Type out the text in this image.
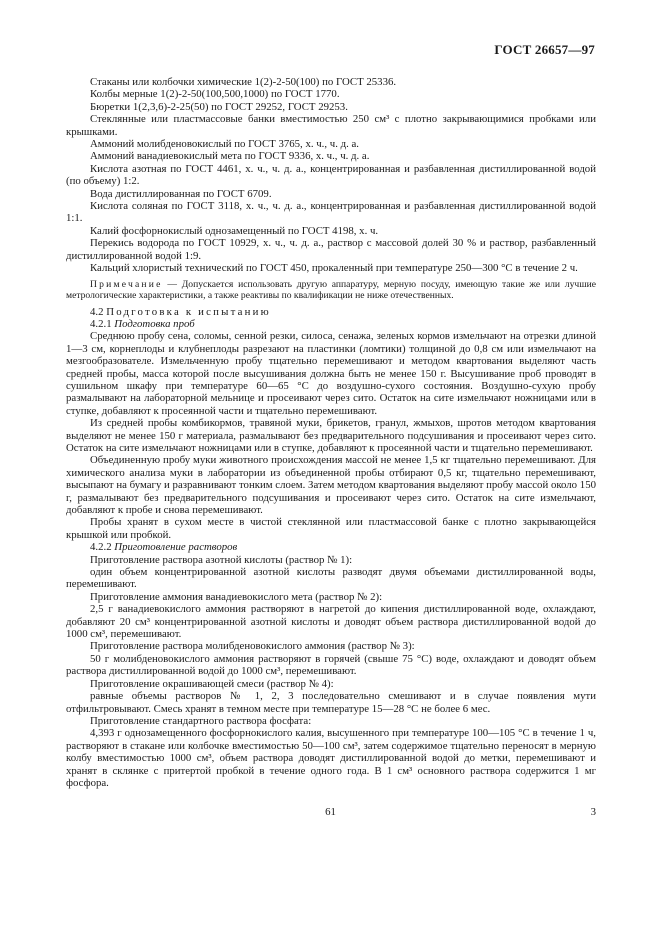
ГОСТ 26657—97

Стаканы или колбочки химические 1(2)-2-50(100) по ГОСТ 25336.

Колбы мерные 1(2)-2-50(100,500,1000) по ГОСТ 1770.

Бюретки 1(2,3,6)-2-25(50) по ГОСТ 29252, ГОСТ 29253.

Стеклянные или пластмассовые банки вместимостью 250 см³ с плотно закрывающимися пробками или крышками.

Аммоний молибденовокислый по ГОСТ 3765, х. ч., ч. д. а.

Аммоний ванадиевокислый мета по ГОСТ 9336, х. ч., ч. д. а.

Кислота азотная по ГОСТ 4461, х. ч., ч. д. а., концентрированная и разбавленная дистиллированной водой (по объему) 1:2.

Вода дистиллированная по ГОСТ 6709.

Кислота соляная по ГОСТ 3118, х. ч., ч. д. а., концентрированная и разбавленная дистиллированной водой 1:1.

Калий фосфорнокислый однозамещенный по ГОСТ 4198, х. ч.

Перекись водорода по ГОСТ 10929, х. ч., ч. д. а., раствор с массовой долей 30 % и раствор, разбавленный дистиллированной водой 1:9.

Кальций хлористый технический по ГОСТ 450, прокаленный при температуре 250—300 °С в течение 2 ч.

Примечание — Допускается использовать другую аппаратуру, мерную посуду, имеющую такие же или лучшие метрологические характеристики, а также реактивы по квалификации не ниже отечественных.

4.2 Подготовка к испытанию

4.2.1 Подготовка проб

Среднюю пробу сена, соломы, сенной резки, силоса, сенажа, зеленых кормов измельчают на отрезки длиной 1—3 см, корнеплоды и клубнеплоды разрезают на пластинки (ломтики) толщиной до 0,8 см или измельчают на мезгообразователе. Измельченную пробу тщательно перемешивают и методом квартования выделяют часть средней пробы, масса которой после высушивания должна быть не менее 150 г. Высушивание проб проводят в сушильном шкафу при температуре 60—65 °С до воздушно-сухого состояния. Воздушно-сухую пробу размалывают на лабораторной мельнице и просеивают через сито. Остаток на сите измельчают ножницами или в ступке, добавляют к просеянной части и тщательно перемешивают.

Из средней пробы комбикормов, травяной муки, брикетов, гранул, жмыхов, шротов методом квартования выделяют не менее 150 г материала, размалывают без предварительного подсушивания и просеивают через сито. Остаток на сите измельчают ножницами или в ступке, добавляют к просеянной части и тщательно перемешивают.

Объединенную пробу муки животного происхождения массой не менее 1,5 кг тщательно перемешивают. Для химического анализа муки в лаборатории из объединенной пробы отбирают 0,5 кг, тщательно перемешивают, высыпают на бумагу и разравнивают тонким слоем. Затем методом квартования выделяют пробу массой около 150 г, размалывают без предварительного подсушивания и просеивают через сито. Остаток на сите измельчают, добавляют к пробе и снова перемешивают.

Пробы хранят в сухом месте в чистой стеклянной или пластмассовой банке с плотно закрывающейся крышкой или пробкой.

4.2.2 Приготовление растворов

Приготовление раствора азотной кислоты (раствор № 1):

один объем концентрированной азотной кислоты разводят двумя объемами дистиллированной воды, перемешивают.

Приготовление аммония ванадиевокислого мета (раствор № 2):

2,5 г ванадиевокислого аммония растворяют в нагретой до кипения дистиллированной воде, охлаждают, добавляют 20 см³ концентрированной азотной кислоты и доводят объем раствора дистиллированной водой до 1000 см³, перемешивают.

Приготовление раствора молибденовокислого аммония (раствор № 3):

50 г молибденовокислого аммония растворяют в горячей (свыше 75 °С) воде, охлаждают и доводят объем раствора дистиллированной водой до 1000 см³, перемешивают.

Приготовление окрашивающей смеси (раствор № 4):

равные объемы растворов № 1, 2, 3 последовательно смешивают и в случае появления мути отфильтровывают. Смесь хранят в темном месте при температуре 15—28 °С не более 6 мес.

Приготовление стандартного раствора фосфата:

4,393 г однозамещенного фосфорнокислого калия, высушенного при температуре 100—105 °С в течение 1 ч, растворяют в стакане или колбочке вместимостью 50—100 см³, затем содержимое тщательно переносят в мерную колбу вместимостью 1000 см³, объем раствора доводят дистиллированной водой до метки, перемешивают и хранят в склянке с притертой пробкой в течение одного года. В 1 см³ основного раствора содержится 1 мг фосфора.

61	3
